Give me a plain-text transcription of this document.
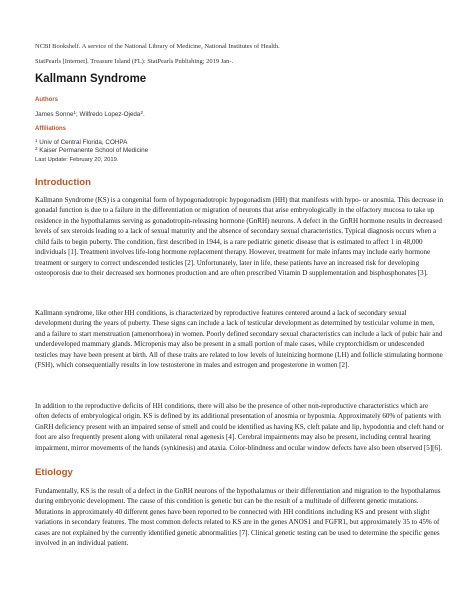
NCBI Bookshelf. A service of the National Library of Medicine, National Institutes of Health.
StatPearls [Internet]. Treasure Island (FL): StatPearls Publishing; 2019 Jan-.
Kallmann Syndrome
Authors
James Sonne$^1$; Wilfredo Lopez-Ojeda$^2$.
Affiliations
$^1$ Univ of Central Florida, COHPA
$^2$ Kaiser Permanente School of Medicine
Last Update: February 20, 2019.
Introduction

Kallmann Syndrome (KS) is a congenital form of hypogonadotropic hypogonadism (HH) that manifests with hypo- or anosmia. This decrease in gonadal function is due to a failure in the differentiation or migration of neurons that arise embryologically in the olfactory mucosa to take up residence in the hypothalamus serving as gonadotropin-releasing hormone (GnRH) neurons. A defect in the GnRH hormone results in decreased levels of sex steroids leading to a lack of sexual maturity and the absence of secondary sexual characteristics. Typical diagnosis occurs when a child fails to begin puberty. The condition, first described in 1944, is a rare pediatric genetic disease that is estimated to affect 1 in 48,000 individuals [1]. Treatment involves life-long hormone replacement therapy. However, treatment for male infants may include early hormone treatment or surgery to correct undescended testicles [2]. Unfortunately, later in life, these patients have an increased risk for developing osteoporosis due to their decreased sex hormones production and are often prescribed Vitamin D supplementation and bisphosphonates [3].

Kallmann syndrome, like other HH conditions, is characterized by reproductive features centered around a lack of secondary sexual development during the years of puberty. These signs can include a lack of testicular development as determined by testicular volume in men, and a failure to start menstruation (amenorrhoea) in women. Poorly defined secondary sexual characteristics can include a lack of pubic hair and underdeveloped mammary glands. Micropenis may also be present in a small portion of male cases, while cryptorchidism or undescended testicles may have been present at birth. All of these traits are related to low levels of luteinizing hormone (LH) and follicle stimulating hormone (FSH), which consequentially results in low testosterone in males and estrogen and progesterone in women [2].

In addition to the reproductive deficits of HH conditions, there will also be the presence of other non-reproductive characteristics which are often defects of embryological origin. KS is defined by its additional presentation of anosmia or hyposmia. Approximately 60% of patients with GnRH deficiency present with an impaired sense of smell and could be identified as having KS, cleft palate and lip, hypodontia and cleft hand or foot are also frequently present along with unilateral renal agenesis [4]. Cerebral impairments may also be present, including central hearing impairment, mirror movements of the hands (synkinesis) and ataxia. Color-blindness and ocular window defects have also been observed [5][6].

Etiology

Fundamentally, KS is the result of a defect in the GnRH neurons of the hypothalamus or their differentiation and migration to the hypothalamus during embryonic development. The cause of this condition is genetic but can be the result of a multitude of different genetic mutations. Mutations in approximately 40 different genes have been reported to be connected with HH conditions including KS and present with slight variations in secondary features. The most common defects related to KS are in the genes ANOS1 and FGFR1, but approximately 35 to 45% of cases are not explained by the currently identified genetic abnormalities [7]. Clinical genetic testing can be used to determine the specific genes involved in an individual patient.
